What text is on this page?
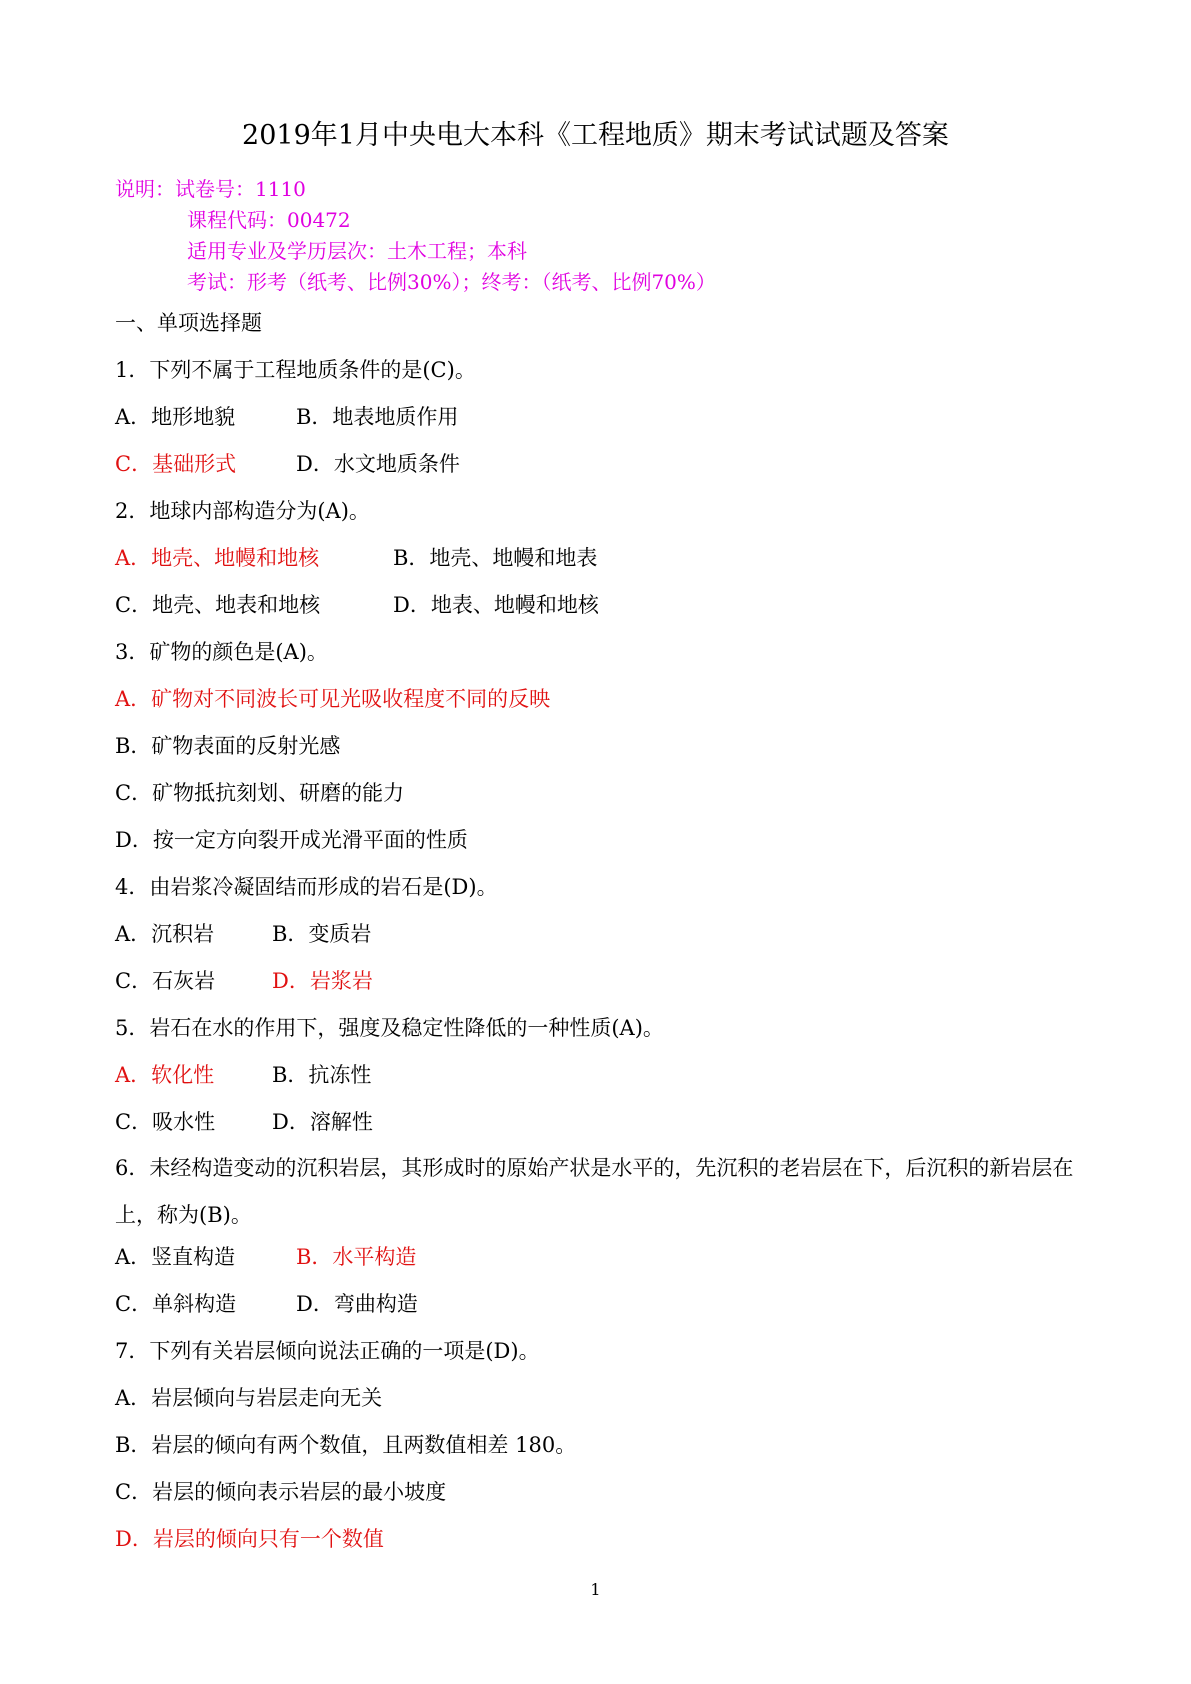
2019年1月中央电大本科《工程地质》期末考试试题及答案
说明：试卷号：1110
课程代码：00472
适用专业及学历层次：土木工程；本科
考试：形考（纸考、比例30%）；终考：（纸考、比例70%）
一、单项选择题
1．下列不属于工程地质条件的是(C)。
A．地形地貌	B．地表地质作用
C．基础形式	D．水文地质条件
2．地球内部构造分为(A)。
A．地壳、地幔和地核	B．地壳、地幔和地表
C．地壳、地表和地核	D．地表、地幔和地核
3．矿物的颜色是(A)。
A．矿物对不同波长可见光吸收程度不同的反映
B．矿物表面的反射光感
C．矿物抵抗刻划、研磨的能力
D．按一定方向裂开成光滑平面的性质
4．由岩浆冷凝固结而形成的岩石是(D)。
A．沉积岩	B．变质岩
C．石灰岩	D．岩浆岩
5．岩石在水的作用下，强度及稳定性降低的一种性质(A)。
A．软化性	B．抗冻性
C．吸水性	D．溶解性
6．未经构造变动的沉积岩层，其形成时的原始产状是水平的，先沉积的老岩层在下，后沉积的新岩层在上，称为(B)。
A．竖直构造	B．水平构造
C．单斜构造	D．弯曲构造
7．下列有关岩层倾向说法正确的一项是(D)。
A．岩层倾向与岩层走向无关
B．岩层的倾向有两个数值，且两数值相差 180。
C．岩层的倾向表示岩层的最小坡度
D．岩层的倾向只有一个数值
1
